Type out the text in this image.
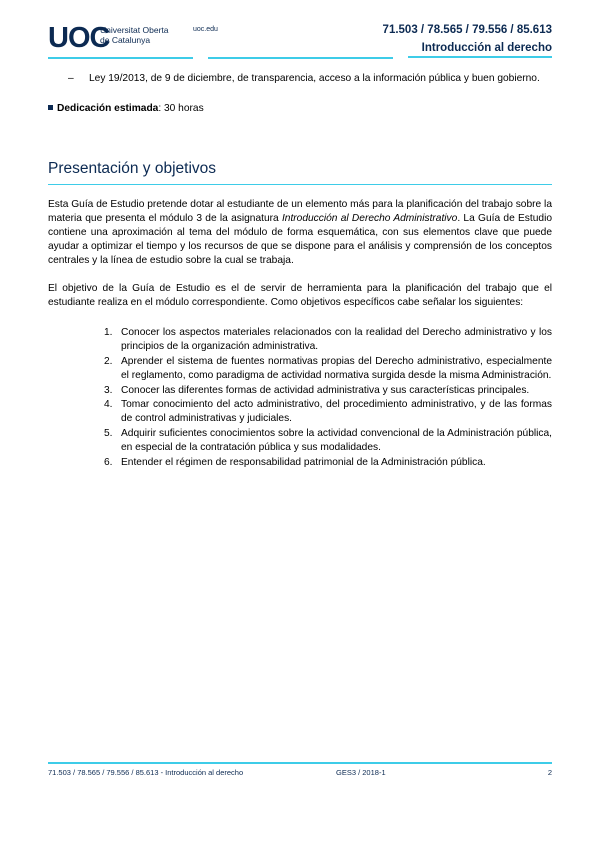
UOC
Universitat Oberta
de Catalunya
uoc.edu	71.503 / 78.565 / 79.556 / 85.613
Introducción al derecho
– Ley 19/2013, de 9 de diciembre, de transparencia, acceso a la información pública y buen gobierno.
Dedicación estimada: 30 horas
Presentación y objetivos

Esta Guía de Estudio pretende dotar al estudiante de un elemento más para la planificación del trabajo sobre la materia que presenta el módulo 3 de la asignatura Introducción al Derecho Administrativo. La Guía de Estudio contiene una aproximación al tema del módulo de forma esquemática, con sus elementos clave que puede ayudar a optimizar el tiempo y los recursos de que se dispone para el análisis y comprensión de los conceptos centrales y la línea de estudio sobre la cual se trabaja.

El objetivo de la Guía de Estudio es el de servir de herramienta para la planificación del trabajo que el estudiante realiza en el módulo correspondiente. Como objetivos específicos cabe señalar los siguientes:

1. Conocer los aspectos materiales relacionados con la realidad del Derecho administrativo y los principios de la organización administrativa.
2. Aprender el sistema de fuentes normativas propias del Derecho administrativo, especialmente el reglamento, como paradigma de actividad normativa surgida desde la misma Administración.
3. Conocer las diferentes formas de actividad administrativa y sus características principales.
4. Tomar conocimiento del acto administrativo, del procedimiento administrativo, y de las formas de control administrativas y judiciales.
5. Adquirir suficientes conocimientos sobre la actividad convencional de la Administración pública, en especial de la contratación pública y sus modalidades.
6. Entender el régimen de responsabilidad patrimonial de la Administración pública.
71.503 / 78.565 / 79.556 / 85.613 - Introducción al derecho	GES3 / 2018-1	2
